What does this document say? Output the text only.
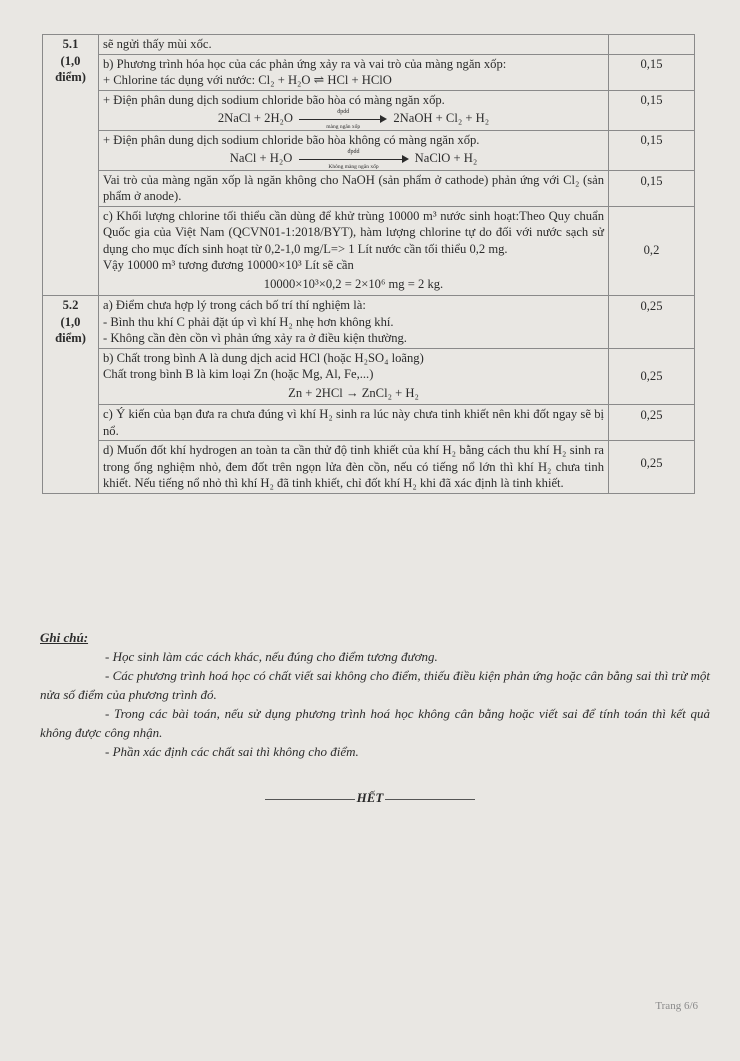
5.1
(1,0
điểm)	sẽ ngửi thấy mùi xốc.	

	b) Phương trình hóa học của các phản ứng xảy ra và vai trò của màng ngăn xốp:
+ Chlorine tác dụng với nước: Cl₂ + H₂O ⇌ HCl + HClO	0,15

	+ Điện phân dung dịch sodium chloride bão hòa có màng ngăn xốp.
2NaCl + 2H₂O đpdd
màng ngăn xốp
2NaOH + Cl₂ + H₂	0,15

	+ Điện phân dung dịch sodium chloride bão hòa không có màng ngăn xốp.
NaCl + H₂O đpdd
Không màng ngăn xốp
NaClO + H₂	0,15

	Vai trò của màng ngăn xốp là ngăn không cho NaOH (sản phẩm ở cathode) phản ứng với Cl₂ (sản phẩm ở anode).	0,15

	c) Khối lượng chlorine tối thiểu cần dùng để khử trùng 10000 m³ nước sinh hoạt:Theo Quy chuẩn Quốc gia của Việt Nam (QCVN01-1:2018/BYT), hàm lượng chlorine tự do đối với nước sạch sử dụng cho mục đích sinh hoạt từ 0,2-1,0 mg/L=> 1 Lít nước cần tối thiểu 0,2 mg.
Vậy 10000 m³ tương đương 10000×10³ Lít sẽ cần
10000×10³×0,2 = 2×10⁶ mg = 2 kg.	0,2

5.2
(1,0
điểm)	a) Điểm chưa hợp lý trong cách bố trí thí nghiệm là:
- Bình thu khí C phải đặt úp vì khí H₂ nhẹ hơn không khí.
- Không cần đèn cồn vì phản ứng xảy ra ở điều kiện thường.	0,25

	b) Chất trong bình A là dung dịch acid HCl (hoặc H₂SO₄ loãng)
Chất trong bình B là kim loại Zn (hoặc Mg, Al, Fe,...)
Zn + 2HCl → ZnCl₂ + H₂	0,25

	c) Ý kiến của bạn đưa ra chưa đúng vì khí H₂ sinh ra lúc này chưa tinh khiết nên khi đốt ngay sẽ bị nổ.	0,25

	d) Muốn đốt khí hydrogen an toàn ta cần thử độ tinh khiết của khí H₂ bằng cách thu khí H₂ sinh ra trong ống nghiệm nhỏ, đem đốt trên ngọn lửa đèn cồn, nếu có tiếng nổ lớn thì khí H₂ chưa tinh khiết. Nếu tiếng nổ nhỏ thì khí H₂ đã tinh khiết, chỉ đốt khí H₂ khi đã xác định là tinh khiết.	0,25
Ghi chú:

- Học sinh làm các cách khác, nếu đúng cho điểm tương đương.

- Các phương trình hoá học có chất viết sai không cho điểm, thiếu điều kiện phản ứng hoặc cân bằng sai thì trừ một nửa số điểm của phương trình đó.

- Trong các bài toán, nếu sử dụng phương trình hoá học không cân bằng hoặc viết sai để tính toán thì kết quả không được công nhận.

- Phần xác định các chất sai thì không cho điểm.

HẾT
Trang 6/6
